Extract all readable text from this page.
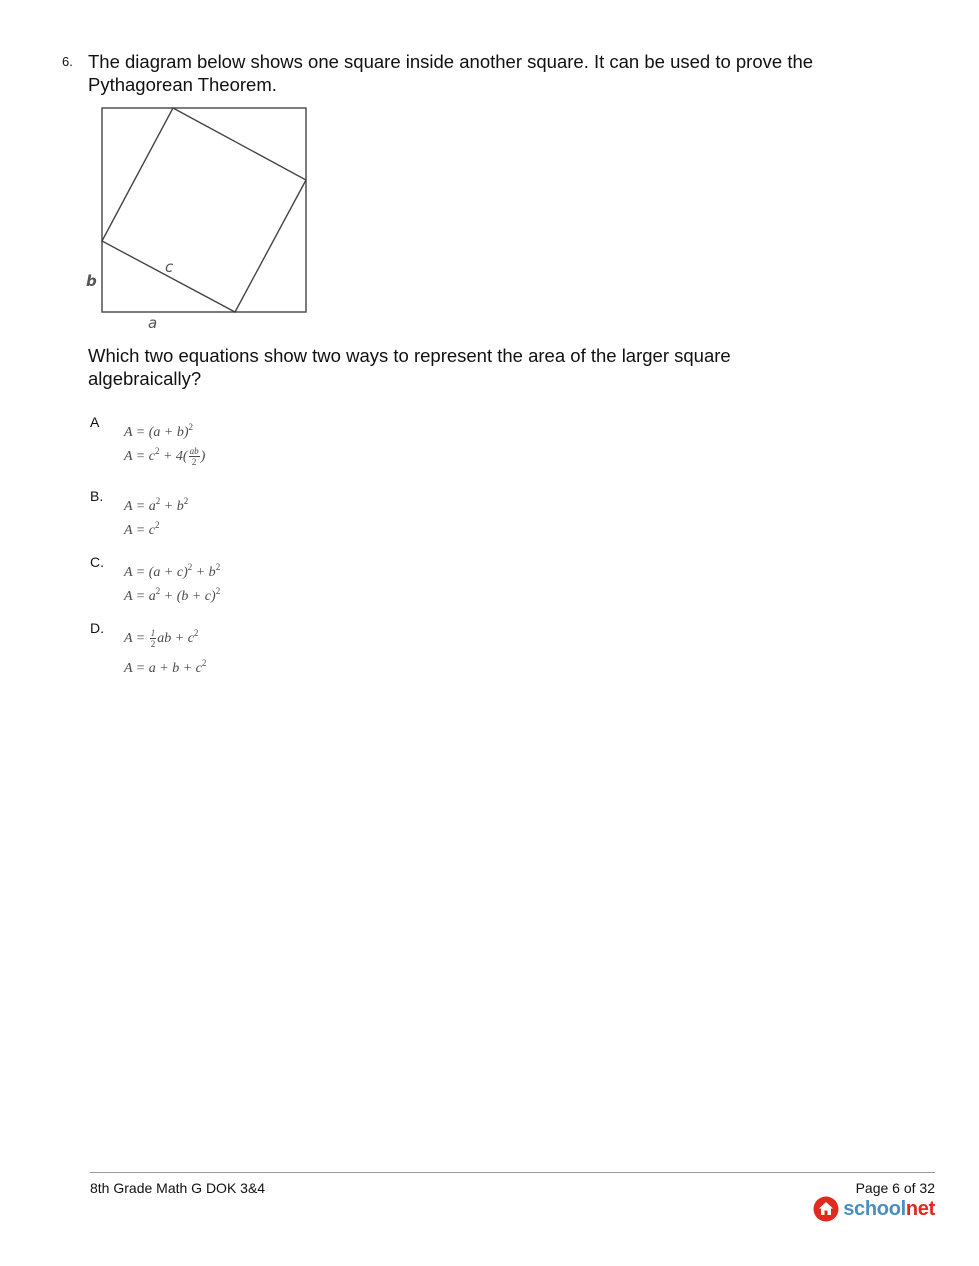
6. The diagram below shows one square inside another square. It can be used to prove the Pythagorean Theorem.
b
c
a
Which two equations show two ways to represent the area of the larger square algebraically?
A
$A = (a + b)^2$
$A = c^2 + 4( \frac{ab}{2}$ )
B.
$A = a^2 + b^2$
$A = c^2$
C.
$A = (a + c)^2 + b^2$
$A = a^2 + (b + c)^2$
D.
$A = \frac{1}{2}$ ab + $c^2$
$A = a + b + c^2$
8th Grade Math G DOK 3&4	Page 6 of 32
schoolnet
